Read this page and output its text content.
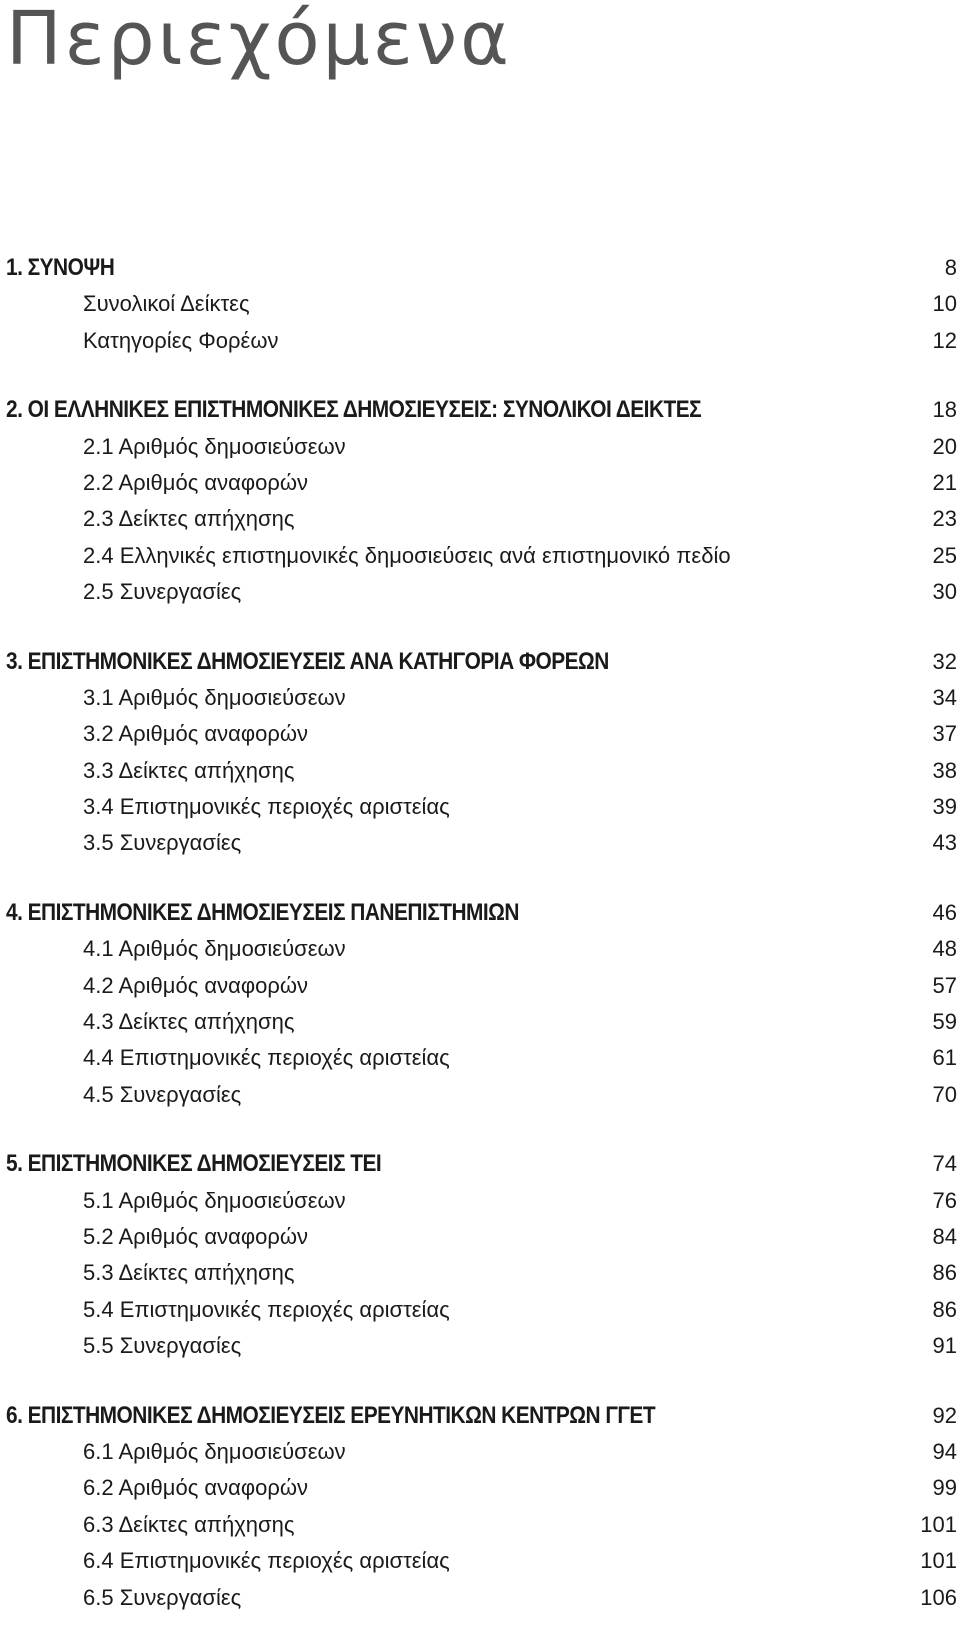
Περιεχόμενα
1. ΣΥΝΟΨΗ	8
Συνολικοί Δείκτες	10
Κατηγορίες Φορέων	12
2. ΟΙ ΕΛΛΗΝΙΚΕΣ ΕΠΙΣΤΗΜΟΝΙΚΕΣ ΔΗΜΟΣΙΕΥΣΕΙΣ: ΣΥΝΟΛΙΚΟΙ ΔΕΙΚΤΕΣ	18
2.1 Αριθμός δημοσιεύσεων	20
2.2 Αριθμός αναφορών	21
2.3 Δείκτες απήχησης	23
2.4 Ελληνικές επιστημονικές δημοσιεύσεις ανά επιστημονικό πεδίο	25
2.5 Συνεργασίες	30
3. ΕΠΙΣΤΗΜΟΝΙΚΕΣ ΔΗΜΟΣΙΕΥΣΕΙΣ ΑΝΑ ΚΑΤΗΓΟΡΙΑ ΦΟΡΕΩΝ	32
3.1 Αριθμός δημοσιεύσεων	34
3.2 Αριθμός αναφορών	37
3.3 Δείκτες απήχησης	38
3.4 Επιστημονικές περιοχές αριστείας	39
3.5 Συνεργασίες	43
4. ΕΠΙΣΤΗΜΟΝΙΚΕΣ ΔΗΜΟΣΙΕΥΣΕΙΣ ΠΑΝΕΠΙΣΤΗΜΙΩΝ	46
4.1 Αριθμός δημοσιεύσεων	48
4.2 Αριθμός αναφορών	57
4.3 Δείκτες απήχησης	59
4.4 Επιστημονικές περιοχές αριστείας	61
4.5 Συνεργασίες	70
5. ΕΠΙΣΤΗΜΟΝΙΚΕΣ ΔΗΜΟΣΙΕΥΣΕΙΣ ΤΕΙ	74
5.1 Αριθμός δημοσιεύσεων	76
5.2 Αριθμός αναφορών	84
5.3 Δείκτες απήχησης	86
5.4 Επιστημονικές περιοχές αριστείας	86
5.5 Συνεργασίες	91
6. ΕΠΙΣΤΗΜΟΝΙΚΕΣ ΔΗΜΟΣΙΕΥΣΕΙΣ ΕΡΕΥΝΗΤΙΚΩΝ ΚΕΝΤΡΩΝ ΓΓΕΤ	92
6.1 Αριθμός δημοσιεύσεων	94
6.2 Αριθμός αναφορών	99
6.3 Δείκτες απήχησης	101
6.4 Επιστημονικές περιοχές αριστείας	101
6.5 Συνεργασίες	106
